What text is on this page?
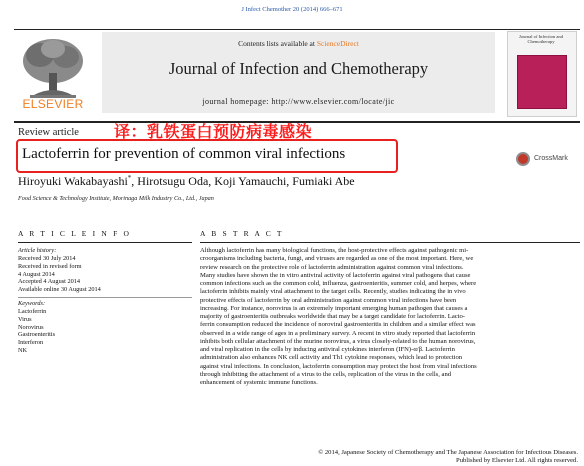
J Infect Chemother 20 (2014) 666–671
ELSEVIER
Contents lists available at ScienceDirect
Journal of Infection and Chemotherapy
journal homepage: http://www.elsevier.com/locate/jic
Journal of Infection and Chemotherapy
Review article 译：乳铁蛋白预防病毒感染
Lactoferrin for prevention of common viral infections	CrossMark
Hiroyuki Wakabayashi*, Hirotsugu Oda, Koji Yamauchi, Fumiaki Abe
Food Science & Technology Institute, Morinaga Milk Industry Co., Ltd., Japan
A R T I C L E I N F O
Article history:
Received 30 July 2014
Received in revised form
4 August 2014
Accepted 4 August 2014
Available online 30 August 2014
Keywords:
Lactoferrin
Virus
Norovirus
Gastroenteritis
Interferon
NK
A B S T R A C T
Although lactoferrin has many biological functions, the host-protective effects against pathogenic mi-
croorganisms including bacteria, fungi, and viruses are regarded as one of the most important. Here, we
review research on the protective role of lactoferrin administration against common viral infections.
Many studies have shown the in vitro antiviral activity of lactoferrin against viral pathogens that cause
common infections such as the common cold, influenza, gastroenteritis, summer cold, and herpes, where
lactoferrin inhibits mainly viral attachment to the target cells. Recently, studies indicating the in vivo
protective effects of lactoferrin by oral administration against common viral infections have been
increasing. For instance, norovirus is an extremely important emerging human pathogen that causes a
majority of gastroenteritis outbreaks worldwide that may be a target candidate for lactoferrin. Lacto-
ferrin consumption reduced the incidence of noroviral gastroenteritis in children and a similar effect was
observed in a wide range of ages in a preliminary survey. A recent in vitro study reported that lactoferrin
inhibits both cellular attachment of the murine norovirus, a virus closely-related to the human norovirus,
and viral replication in the cells by inducing antiviral cytokines interferon (IFN)-α/β. Lactoferrin
administration also enhances NK cell activity and Th1 cytokine responses, which lead to protection
against viral infections. In conclusion, lactoferrin consumption may protect the host from viral infections
through inhibiting the attachment of a virus to the cells, replication of the virus in the cells, and
enhancement of systemic immune functions.
© 2014, Japanese Society of Chemotherapy and The Japanese Association for Infectious Diseases.
Published by Elsevier Ltd. All rights reserved.
